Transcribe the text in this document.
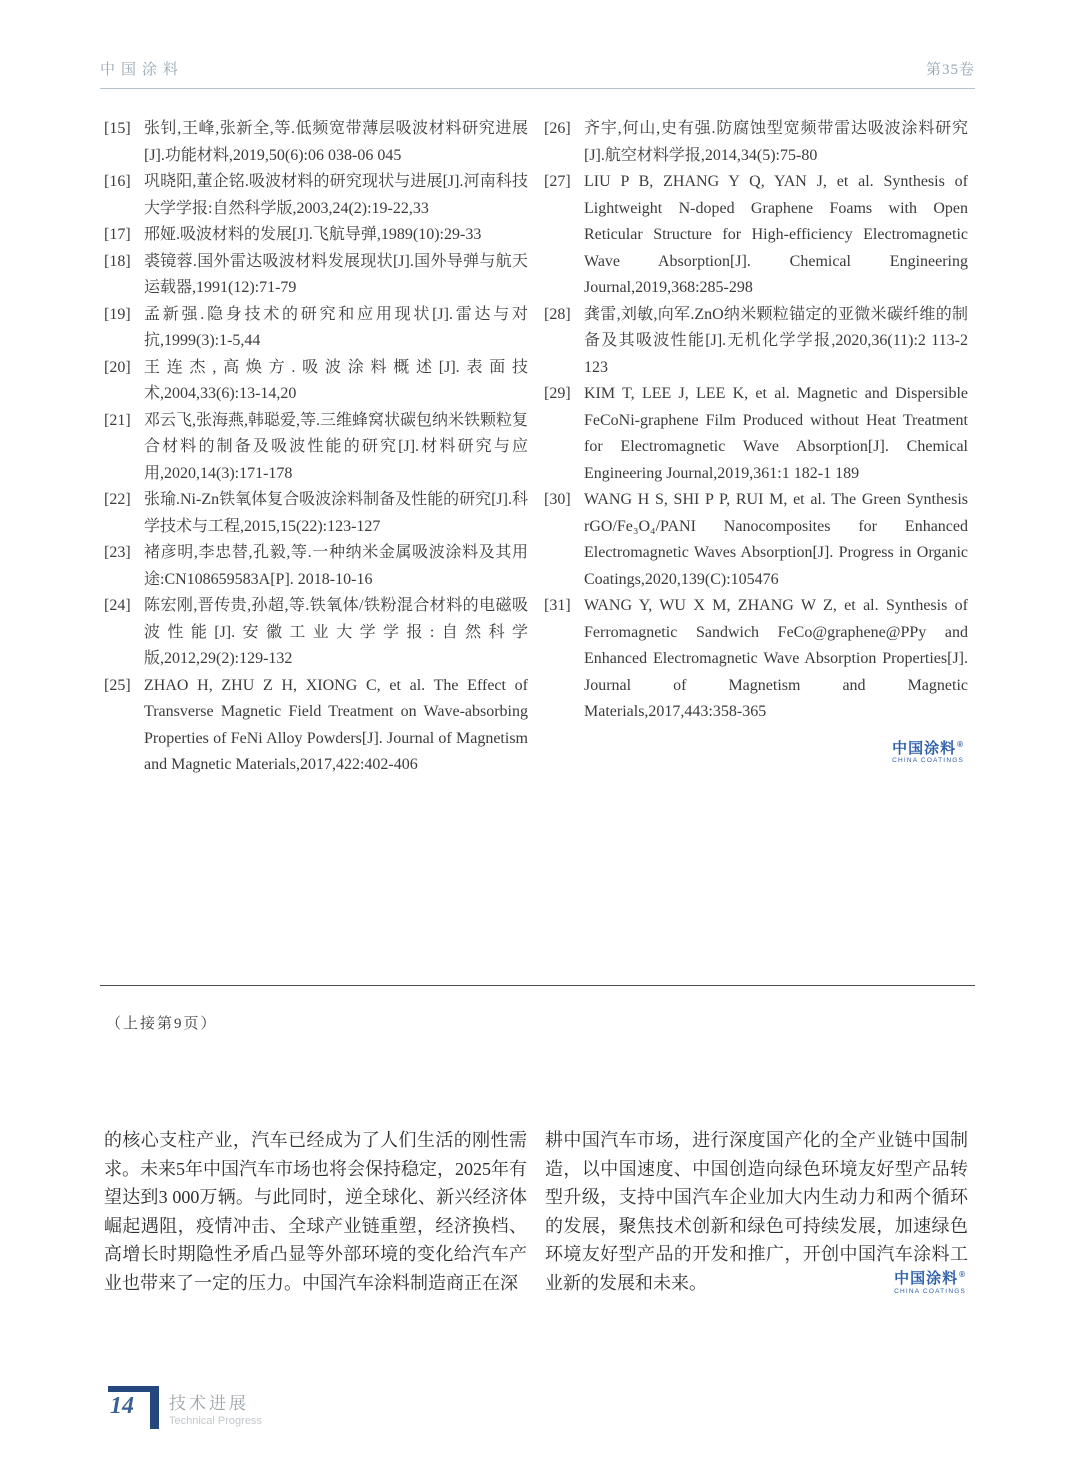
中国涂料	第35卷
[15] 张钊,王峰,张新全,等.低频宽带薄层吸波材料研究进展[J].功能材料,2019,50(6):06 038-06 045
[16] 巩晓阳,董企铭.吸波材料的研究现状与进展[J].河南科技大学学报:自然科学版,2003,24(2):19-22,33
[17] 邢娅.吸波材料的发展[J].飞航导弹,1989(10):29-33
[18] 裘镜蓉.国外雷达吸波材料发展现状[J].国外导弹与航天运载器,1991(12):71-79
[19] 孟新强.隐身技术的研究和应用现状[J].雷达与对抗,1999(3):1-5,44
[20] 王连杰,高焕方.吸波涂料概述[J].表面技术,2004,33(6):13-14,20
[21] 邓云飞,张海燕,韩聪爱,等.三维蜂窝状碳包纳米铁颗粒复合材料的制备及吸波性能的研究[J].材料研究与应用,2020,14(3):171-178
[22] 张瑜.Ni-Zn铁氧体复合吸波涂料制备及性能的研究[J].科学技术与工程,2015,15(22):123-127
[23] 褚彦明,李忠替,孔毅,等.一种纳米金属吸波涂料及其用途:CN108659583A[P]. 2018-10-16
[24] 陈宏刚,晋传贵,孙超,等.铁氧体/铁粉混合材料的电磁吸波性能[J].安徽工业大学学报:自然科学版,2012,29(2):129-132
[25] ZHAO H, ZHU Z H, XIONG C, et al. The Effect of Transverse Magnetic Field Treatment on Wave-absorbing Properties of FeNi Alloy Powders[J]. Journal of Magnetism and Magnetic Materials,2017,422:402-406
[26] 齐宇,何山,史有强.防腐蚀型宽频带雷达吸波涂料研究[J].航空材料学报,2014,34(5):75-80
[27] LIU P B, ZHANG Y Q, YAN J, et al. Synthesis of Lightweight N-doped Graphene Foams with Open Reticular Structure for High-efficiency Electromagnetic Wave Absorption[J]. Chemical Engineering Journal,2019,368:285-298
[28] 龚雷,刘敏,向军.ZnO纳米颗粒锚定的亚微米碳纤维的制备及其吸波性能[J].无机化学学报,2020,36(11):2 113-2 123
[29] KIM T, LEE J, LEE K, et al. Magnetic and Dispersible FeCoNi-graphene Film Produced without Heat Treatment for Electromagnetic Wave Absorption[J]. Chemical Engineering Journal,2019,361:1 182-1 189
[30] WANG H S, SHI P P, RUI M, et al. The Green Synthesis rGO/Fe₃O₄/PANI Nanocomposites for Enhanced Electromagnetic Waves Absorption[J]. Progress in Organic Coatings,2020,139(C):105476
[31] WANG Y, WU X M, ZHANG W Z, et al. Synthesis of Ferromagnetic Sandwich FeCo@graphene@PPy and Enhanced Electromagnetic Wave Absorption Properties[J]. Journal of Magnetism and Magnetic Materials,2017,443:358-365
中国涂料®
CHINA COATINGS
（上接第9页）
的核心支柱产业，汽车已经成为了人们生活的刚性需求。未来5年中国汽车市场也将会保持稳定，2025年有望达到3 000万辆。与此同时，逆全球化、新兴经济体崛起遇阻，疫情冲击、全球产业链重塑，经济换档、高增长时期隐性矛盾凸显等外部环境的变化给汽车产业也带来了一定的压力。中国汽车涂料制造商正在深
耕中国汽车市场，进行深度国产化的全产业链中国制造，以中国速度、中国创造向绿色环境友好型产品转型升级，支持中国汽车企业加大内生动力和两个循环的发展，聚焦技术创新和绿色可持续发展，加速绿色环境友好型产品的开发和推广，开创中国汽车涂料工业新的发展和未来。	中国涂料®
CHINA COATINGS
14	技术进展
Technical Progress
